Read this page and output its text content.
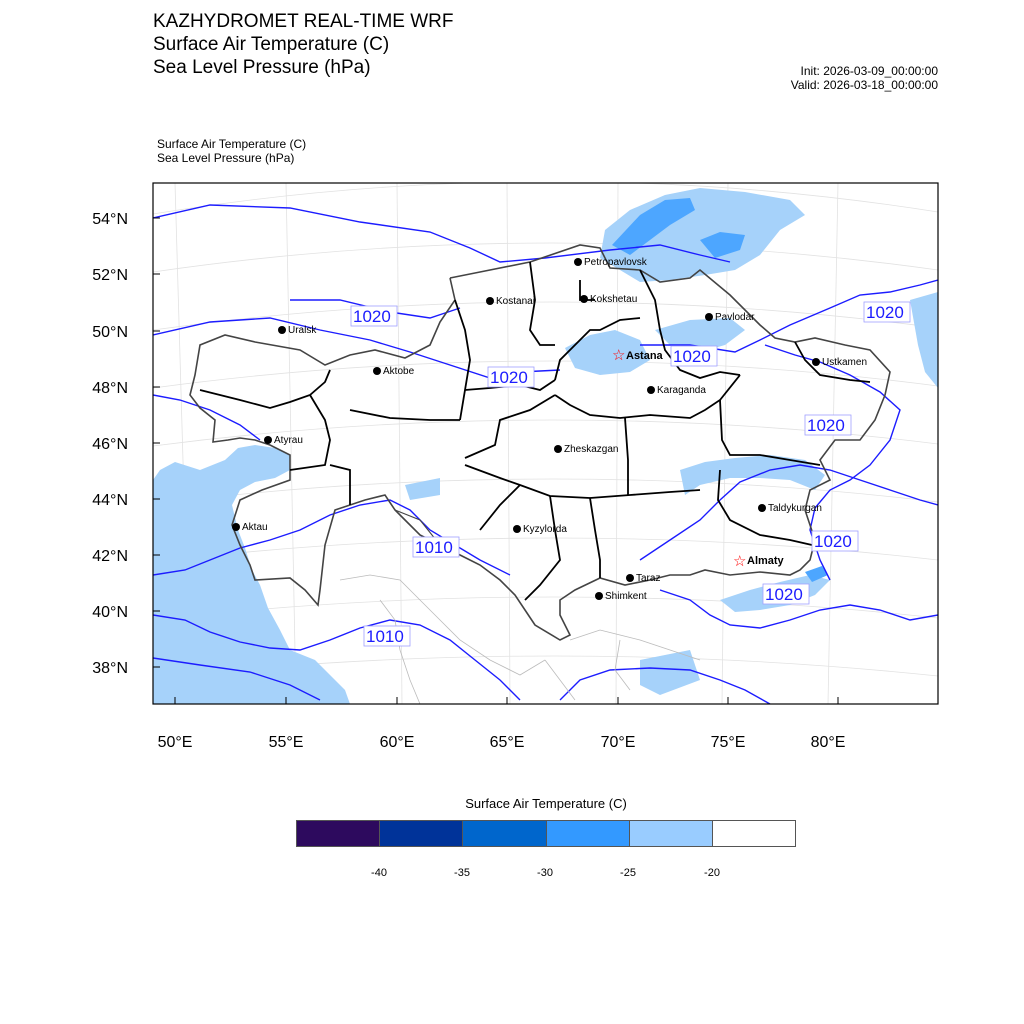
KAZHYDROMET REAL-TIME WRF
Surface Air Temperature (C)
Sea Level Pressure (hPa)	Init: 2026-03-09_00:00:00
Valid: 2026-03-18_00:00:00
Surface Air Temperature (C)
Sea Level Pressure (hPa)
1020
1020
1020
1020
1020
1020
1020
1010
1010
Petropavlovsk
Kostanai	Kokshetau
Pavlodar
Uralsk
☆ Astana
Aktobe
Karaganda
Ustkamen
Atyrau
Zheskazgan
Aktau	Kyzylorda
Taldykurgan
☆ Almaty
Taraz
Shimkent
54°N
52°N
50°N
48°N
46°N
44°N
42°N
40°N
38°N
50°E	55°E	60°E	65°E	70°E	75°E	80°E
Surface Air Temperature (C)
-40	-35	-30	-25	-20
